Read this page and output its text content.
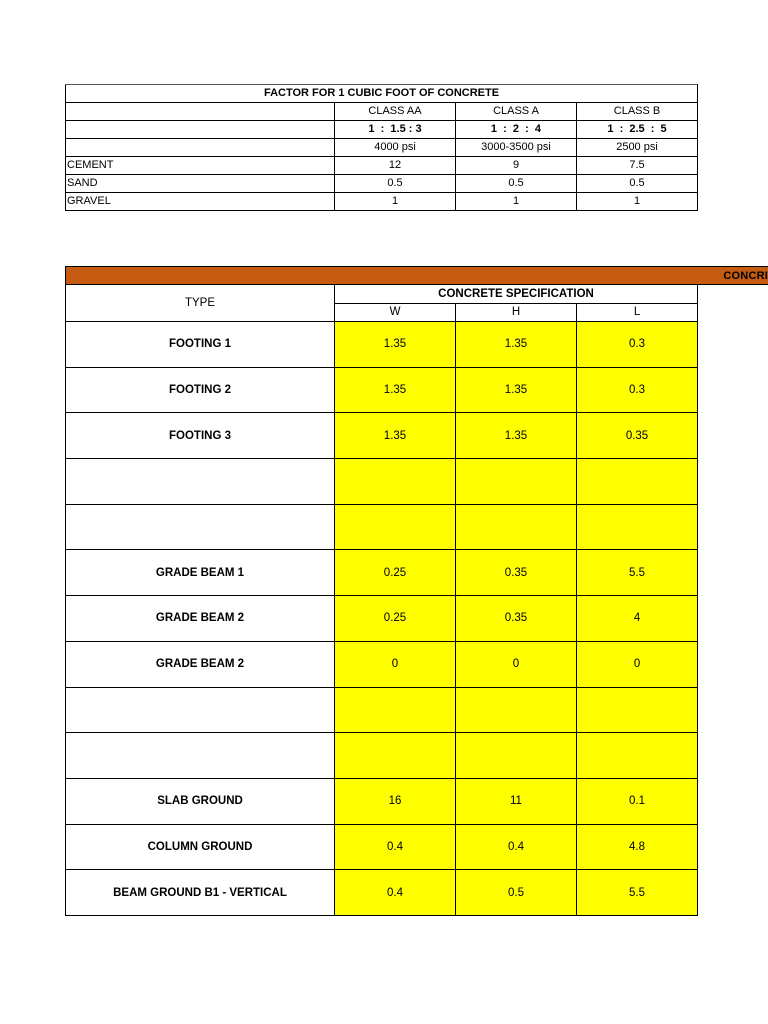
FACTOR FOR 1 CUBIC FOOT OF CONCRETE			
	CLASS AA	CLASS A	CLASS B
	1  :  1.5 : 3	1  :  2  :  4	1  :  2.5  :  5
	4000 psi	3000-3500 psi	2500 psi
CEMENT	12	9	7.5
SAND	0.5	0.5	0.5
GRAVEL	1	1	1
CONCRI
TYPE	CONCRETE SPECIFICATION		
	W	H	L
FOOTING 1	1.35	1.35	0.3
FOOTING 2	1.35	1.35	0.3
FOOTING 3	1.35	1.35	0.35

GRADE BEAM 1	0.25	0.35	5.5
GRADE BEAM 2	0.25	0.35	4
GRADE BEAM 2	0	0	0

SLAB GROUND	16	11	0.1
COLUMN GROUND	0.4	0.4	4.8
BEAM GROUND B1 - VERTICAL	0.4	0.5	5.5
